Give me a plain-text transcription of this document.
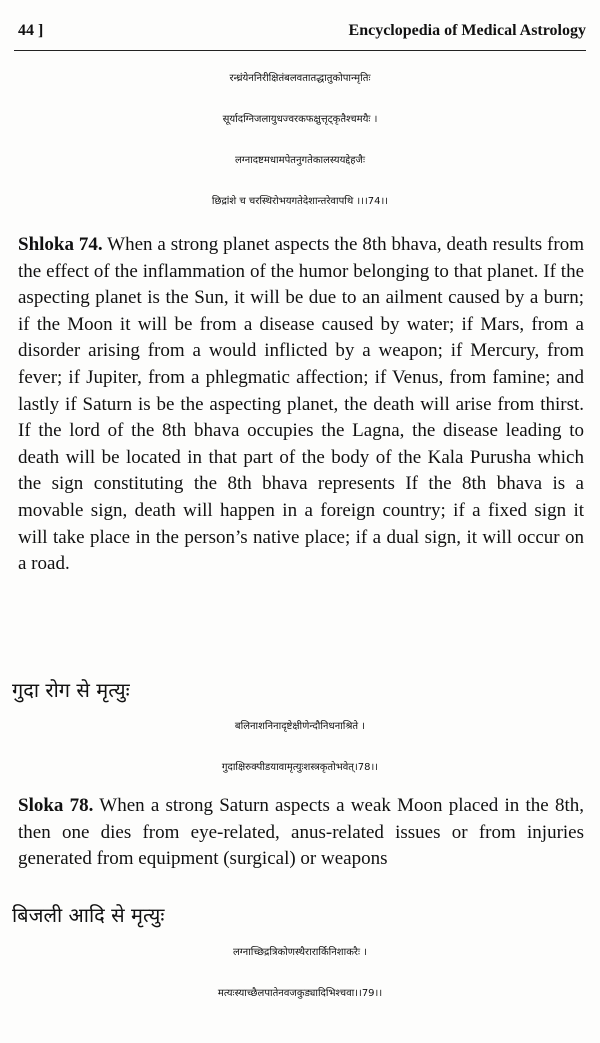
44 ]	Encyclopedia of Medical Astrology
रन्ध्रंयेननिरीक्षितंबलवतातद्धातुकोपान्मृतिः
सूर्यादग्निजलायुधज्वरकफक्षुत्तृट्कृतैश्चमयैः ।
लग्नादष्टमधामपेतनुगतेकालस्ययद्देहजैः
छिद्रांशे च चरस्थिरोभयगतेदेशान्तरेवापथि ।।।74।।
Shloka 74. When a strong planet aspects the 8th bhava, death results from the effect of the inflammation of the humor belonging to that planet. If the aspecting planet is the Sun, it will be due to an ailment caused by a burn; if the Moon it will be from a disease caused by water; if Mars, from a disorder arising from a would inflicted by a weapon; if Mercury, from fever; if Jupiter, from a phlegmatic affection; if Venus, from famine; and lastly if Saturn is be the aspecting planet, the death will arise from thirst. If the lord of the 8th bhava occupies the Lagna, the disease leading to death will be located in that part of the body of the Kala Purusha which the sign constituting the 8th bhava represents If the 8th bhava is a movable sign, death will happen in a foreign country; if a fixed sign it will take place in the person’s native place; if a dual sign, it will occur on a road.
गुदा रोग से मृत्युः
बलिनाशनिनादृष्टेक्षीणेन्दौनिधनाश्रिते ।
गुदाक्षिरुक्पीडयावामृत्युःशस्त्रकृतोभवेत्।78।।
Sloka 78. When a strong Saturn aspects a weak Moon placed in the 8th, then one dies from eye-related, anus-related issues or from injuries generated from equipment (surgical) or weapons
बिजली आदि से मृत्युः
लग्नाच्छिद्रत्रिकोणस्थैरारार्किनिशाकरैः ।
मत्यःस्याच्छैलपातेनवजकुड्यादिभिश्चवा।।79।।
